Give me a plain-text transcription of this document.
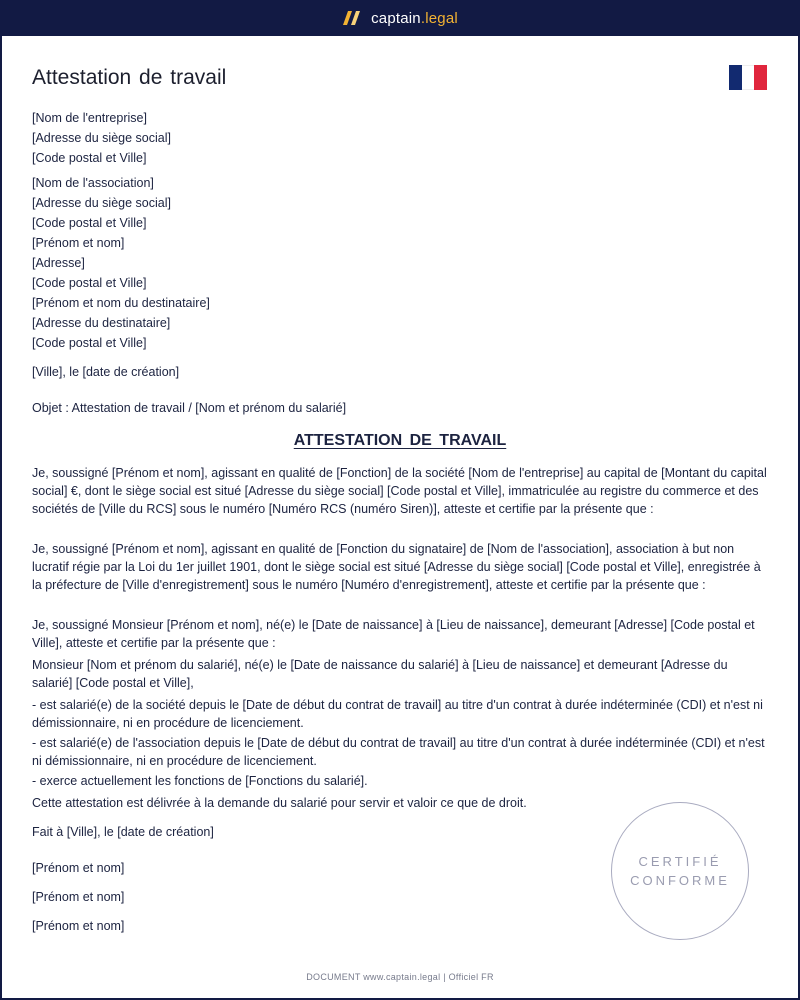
captain.legal
Attestation de travail
[Nom de l'entreprise]
[Adresse du siège social]
[Code postal et Ville]
[Nom de l'association]
[Adresse du siège social]
[Code postal et Ville]
[Prénom et nom]
[Adresse]
[Code postal et Ville]
[Prénom et nom du destinataire]
[Adresse du destinataire]
[Code postal et Ville]

[Ville], le [date de création]

Objet : Attestation de travail / [Nom et prénom du salarié]

ATTESTATION DE TRAVAIL

Je, soussigné [Prénom et nom], agissant en qualité de [Fonction] de la société [Nom de l'entreprise] au capital de [Montant du capital social] €, dont le siège social est situé [Adresse du siège social] [Code postal et Ville], immatriculée au registre du commerce et des sociétés de [Ville du RCS] sous le numéro [Numéro RCS (numéro Siren)], atteste et certifie par la présente que :

Je, soussigné [Prénom et nom], agissant en qualité de [Fonction du signataire] de [Nom de l'association], association à but non lucratif régie par la Loi du 1er juillet 1901, dont le siège social est situé [Adresse du siège social] [Code postal et Ville], enregistrée à la préfecture de [Ville d'enregistrement] sous le numéro [Numéro d'enregistrement], atteste et certifie par la présente que :

Je, soussigné Monsieur [Prénom et nom], né(e) le [Date de naissance] à [Lieu de naissance], demeurant [Adresse] [Code postal et Ville], atteste et certifie par la présente que :

Monsieur [Nom et prénom du salarié], né(e) le [Date de naissance du salarié] à [Lieu de naissance] et demeurant [Adresse du salarié] [Code postal et Ville],

- est salarié(e) de la société depuis le [Date de début du contrat de travail] au titre d'un contrat à durée indéterminée (CDI) et n'est ni démissionnaire, ni en procédure de licenciement.

- est salarié(e) de l'association depuis le [Date de début du contrat de travail] au titre d'un contrat à durée indéterminée (CDI) et n'est ni démissionnaire, ni en procédure de licenciement.

- exerce actuellement les fonctions de [Fonctions du salarié].

Cette attestation est délivrée à la demande du salarié pour servir et valoir ce que de droit.

Fait à [Ville], le [date de création]

[Prénom et nom]

[Prénom et nom]

[Prénom et nom]

CERTIFIÉ
CONFORME
DOCUMENT www.captain.legal | Officiel FR
